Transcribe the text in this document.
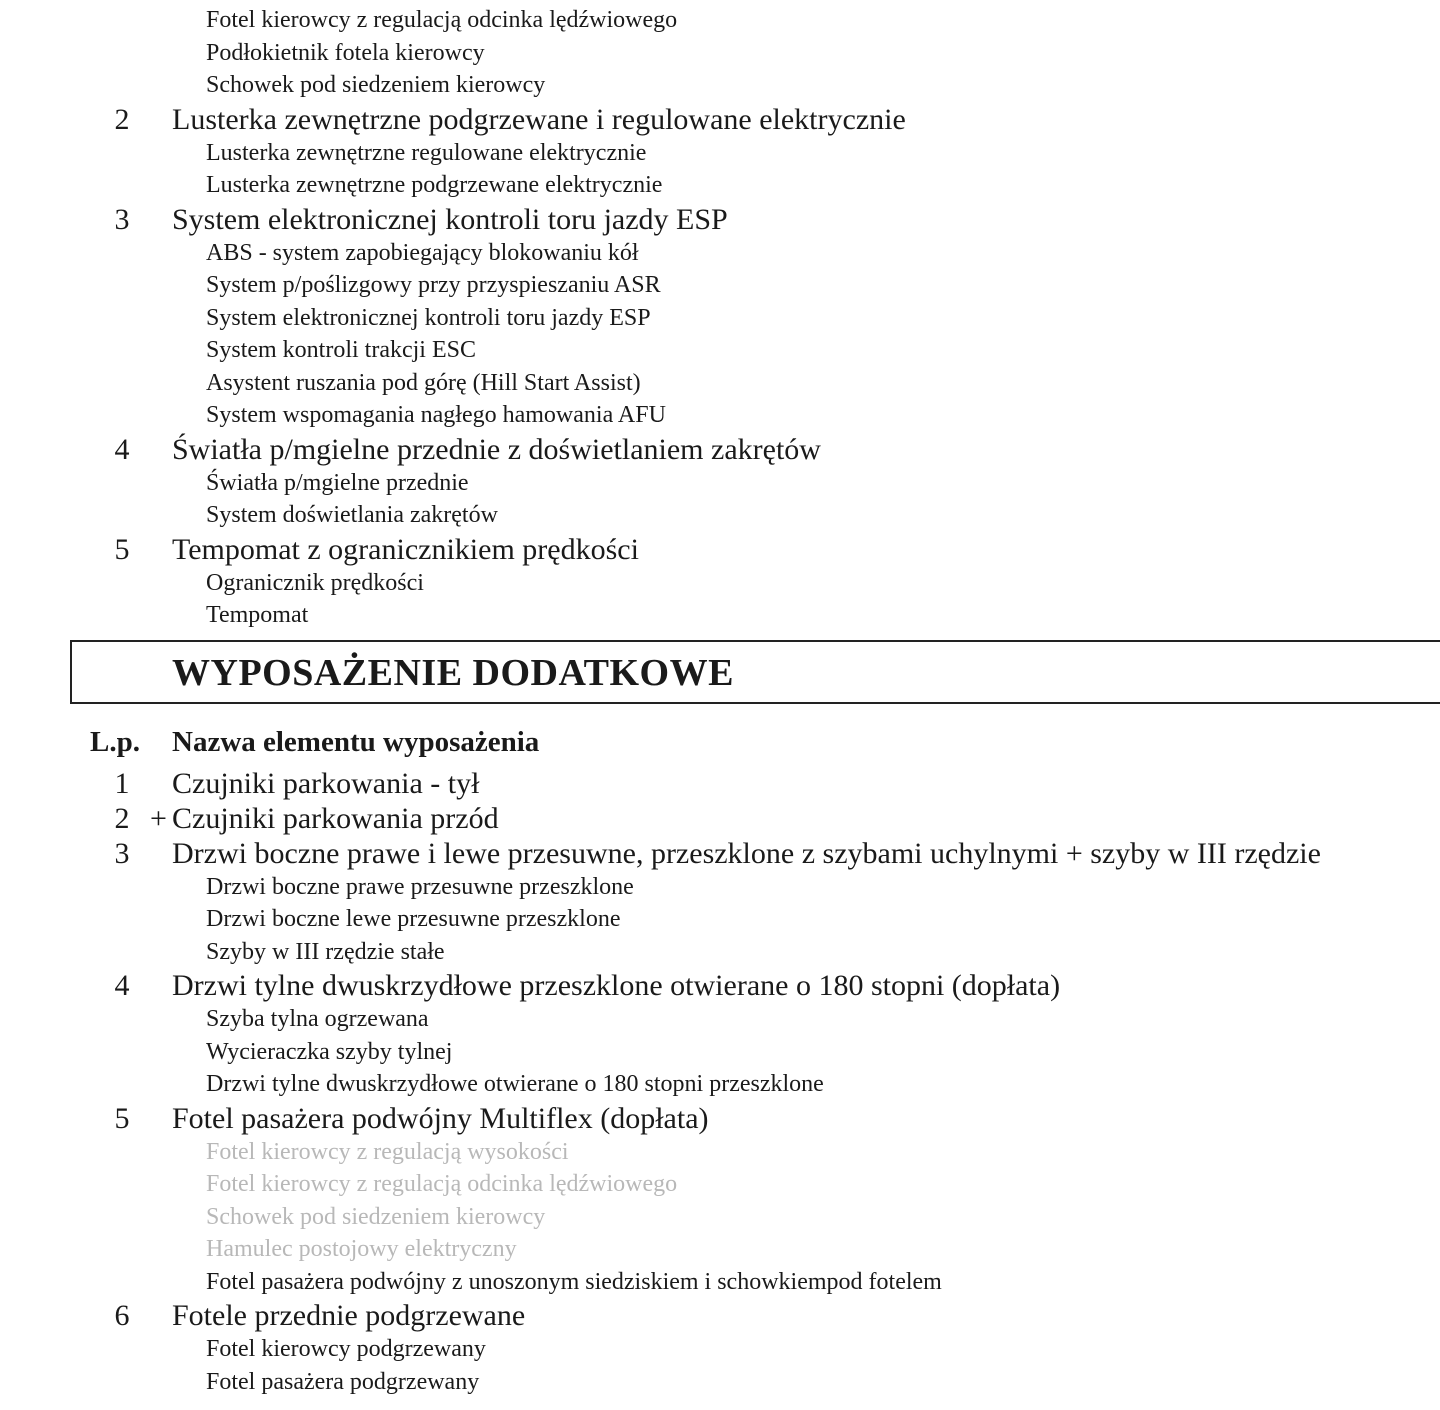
Fotel kierowcy z regulacją odcinka lędźwiowego
Podłokietnik fotela kierowcy
Schowek pod siedzeniem kierowcy
2 Lusterka zewnętrzne podgrzewane i regulowane elektrycznie
Lusterka zewnętrzne regulowane elektrycznie
Lusterka zewnętrzne podgrzewane elektrycznie
3 System elektronicznej kontroli toru jazdy ESP
ABS - system zapobiegający blokowaniu kół
System p/poślizgowy przy przyspieszaniu ASR
System elektronicznej kontroli toru jazdy ESP
System kontroli trakcji ESC
Asystent ruszania pod górę (Hill Start Assist)
System wspomagania nagłego hamowania AFU
4 Światła p/mgielne przednie z doświetlaniem zakrętów
Światła p/mgielne przednie
System doświetlania zakrętów
5 Tempomat z ogranicznikiem prędkości
Ogranicznik prędkości
Tempomat
WYPOSAŻENIE DODATKOWE
L.p. Nazwa elementu wyposażenia
1 Czujniki parkowania - tył
+
2 Czujniki parkowania przód
3 Drzwi boczne prawe i lewe przesuwne, przeszklone z szybami uchylnymi + szyby w III rzędzie
Drzwi boczne prawe przesuwne przeszklone
Drzwi boczne lewe przesuwne przeszklone
Szyby w III rzędzie stałe
4 Drzwi tylne dwuskrzydłowe przeszklone otwierane o 180 stopni (dopłata)
Szyba tylna ogrzewana
Wycieraczka szyby tylnej
Drzwi tylne dwuskrzydłowe otwierane o 180 stopni przeszklone
5 Fotel pasażera podwójny Multiflex (dopłata)
Fotel kierowcy z regulacją wysokości
Fotel kierowcy z regulacją odcinka lędźwiowego
Schowek pod siedzeniem kierowcy
Hamulec postojowy elektryczny
Fotel pasażera podwójny z unoszonym siedziskiem i schowkiempod fotelem
6 Fotele przednie podgrzewane
Fotel kierowcy podgrzewany
Fotel pasażera podgrzewany
